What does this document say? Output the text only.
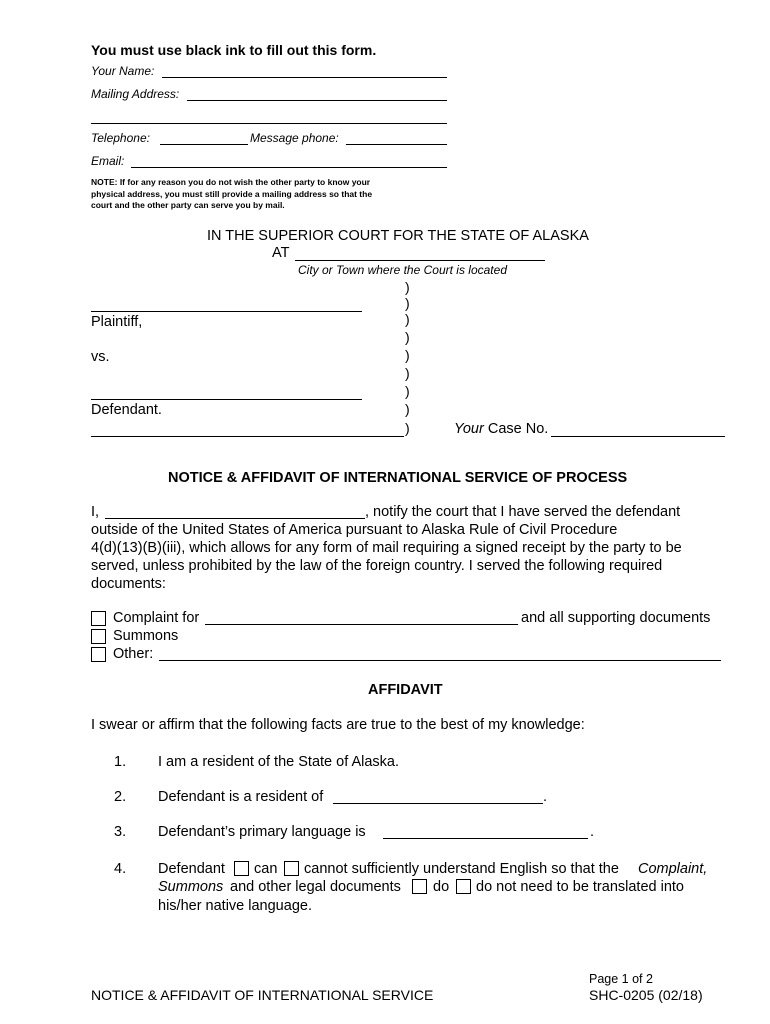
You must use black ink to fill out this form.
Your Name:
Mailing Address:
Telephone:	Message phone:
Email:
NOTE: If for any reason you do not wish the other party to know your
physical address, you must still provide a mailing address so that the
court and the other party can serve you by mail.
IN THE SUPERIOR COURT FOR THE STATE OF ALASKA
AT
City or Town where the Court is located
)
)
)
)
)
)
)
)
)
Plaintiff,
vs.
Defendant.
Your Case No.
NOTICE & AFFIDAVIT OF INTERNATIONAL SERVICE OF PROCESS
I,	, notify the court that I have served the defendant
outside of the United States of America pursuant to Alaska Rule of Civil Procedure
4(d)(13)(B)(iii), which allows for any form of mail requiring a signed receipt by the party to be
served, unless prohibited by the law of the foreign country. I served the following required
documents:
Complaint for	and all supporting documents
Summons
Other:
AFFIDAVIT
I swear or affirm that the following facts are true to the best of my knowledge:
1. I am a resident of the State of Alaska.
2. Defendant is a resident of	.
3. Defendant’s primary language is	.
4. Defendant can cannot sufficiently understand English so that the Complaint,
Summons and other legal documents do do not need to be translated into
his/her native language.
Page 1 of 2
NOTICE & AFFIDAVIT OF INTERNATIONAL SERVICE	SHC-0205 (02/18)
